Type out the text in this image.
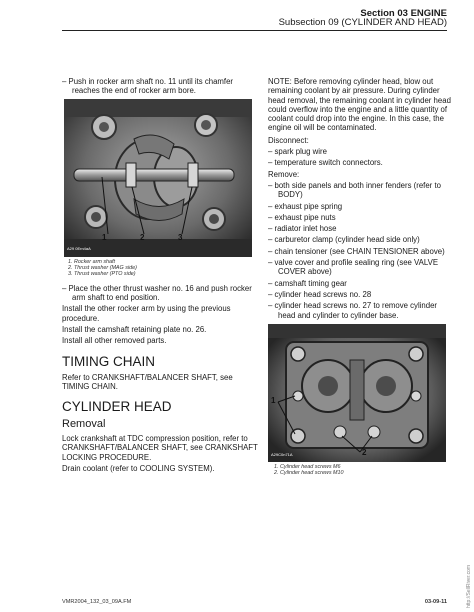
Section 03 ENGINE
Subsection 09 (CYLINDER AND HEAD)

– Push in rocker arm shaft no. 11 until its chamfer reaches the end of rocker arm bore.

1	2	3
A29 0Ern4aA
1. Rocker arm shaft
2. Thrust washer (MAG side)
3. Thrust washer (PTO side)

– Place the other thrust washer no. 16 and push rocker arm shaft to end position.

Install the other rocker arm by using the previous procedure.

Install the camshaft retaining plate no. 26.

Install all other removed parts.

TIMING CHAIN

Refer to CRANKSHAFT/BALANCER SHAFT, see TIMING CHAIN.

CYLINDER HEAD
Removal

Lock crankshaft at TDC compression position, refer to CRANKSHAFT/BALANCER SHAFT, see CRANKSHAFT LOCKING PROCEDURE.

Drain coolant (refer to COOLING SYSTEM).

NOTE: Before removing cylinder head, blow out remaining coolant by air pressure. During cylinder head removal, the remaining coolant in cylinder head could overflow into the engine and a little quantity of coolant could drop into the engine. In this case, the engine oil will be contaminated.

Disconnect:

– spark plug wire

– temperature switch connectors.

Remove:

– both side panels and both inner fenders (refer to BODY)

– exhaust pipe spring

– exhaust pipe nuts

– radiator inlet hose

– carburetor clamp (cylinder head side only)

– chain tensioner (see CHAIN TENSIONER above)

– valve cover and profile sealing ring (see VALVE COVER above)

– camshaft timing gear

– cylinder head screws no. 28

– cylinder head screws no. 27 to remove cylinder head and cylinder to cylinder base.

1
2
A29C0n71A
1. Cylinder head screws M6
2. Cylinder head screws M10
VMR2004_132_03_09A.FM	03-09-11	http://SellRiver.com
